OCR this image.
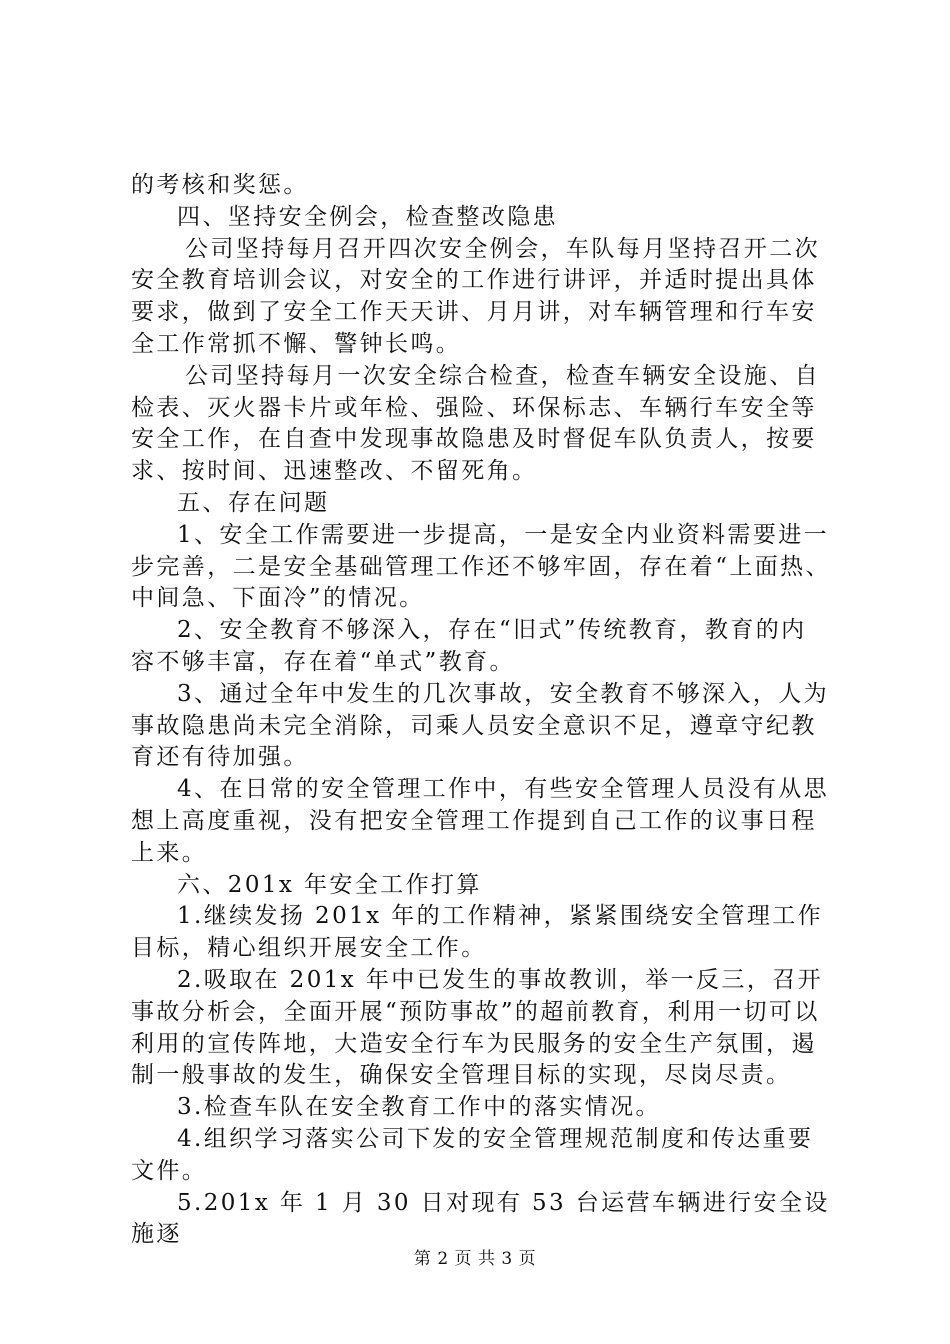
的考核和奖惩。

四、坚持安全例会，检查整改隐患

公司坚持每月召开四次安全例会，车队每月坚持召开二次安全教育培训会议，对安全的工作进行讲评，并适时提出具体要求，做到了安全工作天天讲、月月讲，对车辆管理和行车安全工作常抓不懈、警钟长鸣。

公司坚持每月一次安全综合检查，检查车辆安全设施、自检表、灭火器卡片或年检、强险、环保标志、车辆行车安全等安全工作，在自查中发现事故隐患及时督促车队负责人，按要求、按时间、迅速整改、不留死角。

五、存在问题

1、安全工作需要进一步提高，一是安全内业资料需要进一步完善，二是安全基础管理工作还不够牢固，存在着“上面热、中间急、下面冷”的情况。

2、安全教育不够深入，存在“旧式”传统教育，教育的内容不够丰富，存在着“单式”教育。

3、通过全年中发生的几次事故，安全教育不够深入，人为事故隐患尚未完全消除，司乘人员安全意识不足，遵章守纪教育还有待加强。

4、在日常的安全管理工作中，有些安全管理人员没有从思想上高度重视，没有把安全管理工作提到自己工作的议事日程上来。

六、201x 年安全工作打算

1.继续发扬 201x 年的工作精神，紧紧围绕安全管理工作目标，精心组织开展安全工作。

2.吸取在 201x 年中已发生的事故教训，举一反三，召开事故分析会，全面开展“预防事故”的超前教育，利用一切可以利用的宣传阵地，大造安全行车为民服务的安全生产氛围，遏制一般事故的发生，确保安全管理目标的实现，尽岗尽责。

3.检查车队在安全教育工作中的落实情况。

4.组织学习落实公司下发的安全管理规范制度和传达重要文件。

5.201x 年 1 月 30 日对现有 53 台运营车辆进行安全设施逐

第 2 页 共 3 页
